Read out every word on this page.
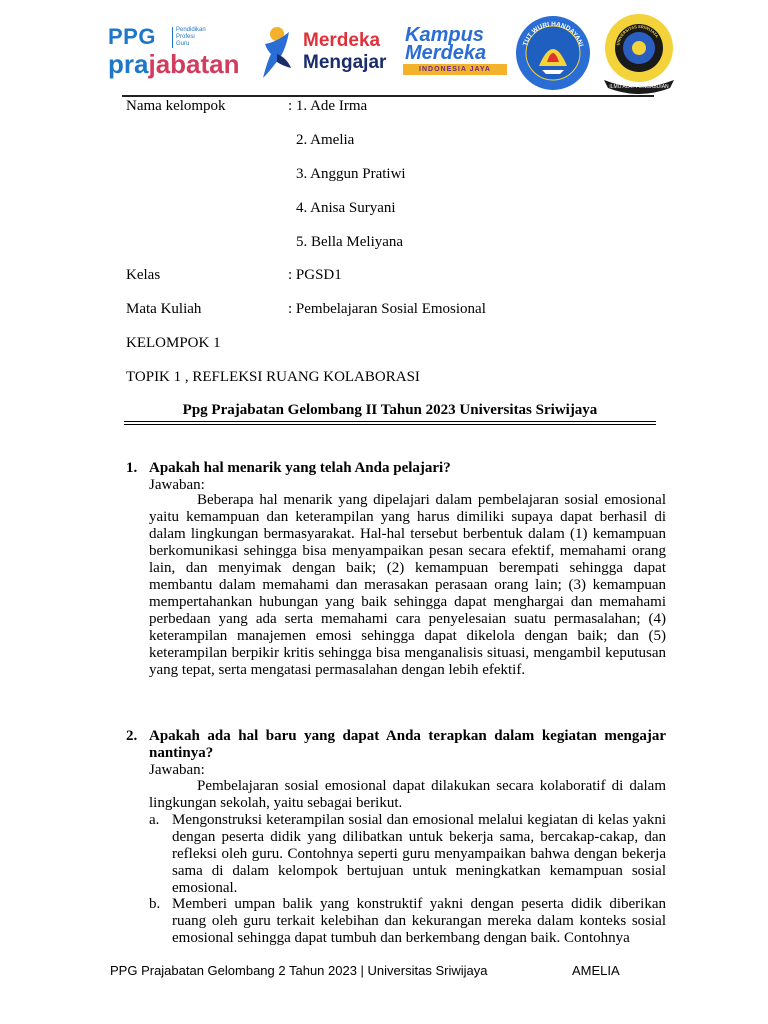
PPG	Pendidikan
Profesi
Guru
prajabatan
Merdeka
Mengajar
Kampus
Merdeka
INDONESIA JAYA
TUT WURI HANDAYANI	UNIVERSITAS SRIWIJAYA
ILMU ALAT PENGABDIAN
Nama kelompok	: 1. Ade Irma
2. Amelia
3. Anggun Pratiwi
4. Anisa Suryani
5. Bella Meliyana
Kelas	: PGSD1
Mata Kuliah	: Pembelajaran Sosial Emosional
KELOMPOK 1
TOPIK 1 , REFLEKSI RUANG KOLABORASI
Ppg Prajabatan Gelombang II Tahun 2023 Universitas Sriwijaya
1. Apakah hal menarik yang telah Anda pelajari?
Jawaban:
Beberapa hal menarik yang dipelajari dalam pembelajaran sosial emosional yaitu kemampuan dan keterampilan yang harus dimiliki supaya dapat berhasil di dalam lingkungan bermasyarakat. Hal-hal tersebut berbentuk dalam (1) kemampuan berkomunikasi sehingga bisa menyampaikan pesan secara efektif, memahami orang lain, dan menyimak dengan baik; (2) kemampuan berempati sehingga dapat membantu dalam memahami dan merasakan perasaan orang lain; (3) kemampuan mempertahankan hubungan yang baik sehingga dapat menghargai dan memahami perbedaan yang ada serta memahami cara penyelesaian suatu permasalahan; (4) keterampilan manajemen emosi sehingga dapat dikelola dengan baik; dan (5) keterampilan berpikir kritis sehingga bisa menganalisis situasi, mengambil keputusan yang tepat, serta mengatasi permasalahan dengan lebih efektif.
2. Apakah ada hal baru yang dapat Anda terapkan dalam kegiatan mengajar nantinya?
Jawaban:
Pembelajaran sosial emosional dapat dilakukan secara kolaboratif di dalam lingkungan sekolah, yaitu sebagai berikut.
a. Mengonstruksi keterampilan sosial dan emosional melalui kegiatan di kelas yakni dengan peserta didik yang dilibatkan untuk bekerja sama, bercakap-cakap, dan refleksi oleh guru. Contohnya seperti guru menyampaikan bahwa dengan bekerja sama di dalam kelompok bertujuan untuk meningkatkan kemampuan sosial emosional.
b. Memberi umpan balik yang konstruktif yakni dengan peserta didik diberikan ruang oleh guru terkait kelebihan dan kekurangan mereka dalam konteks sosial emosional sehingga dapat tumbuh dan berkembang dengan baik. Contohnya
PPG Prajabatan Gelombang 2 Tahun 2023 | Universitas Sriwijaya	AMELIA
